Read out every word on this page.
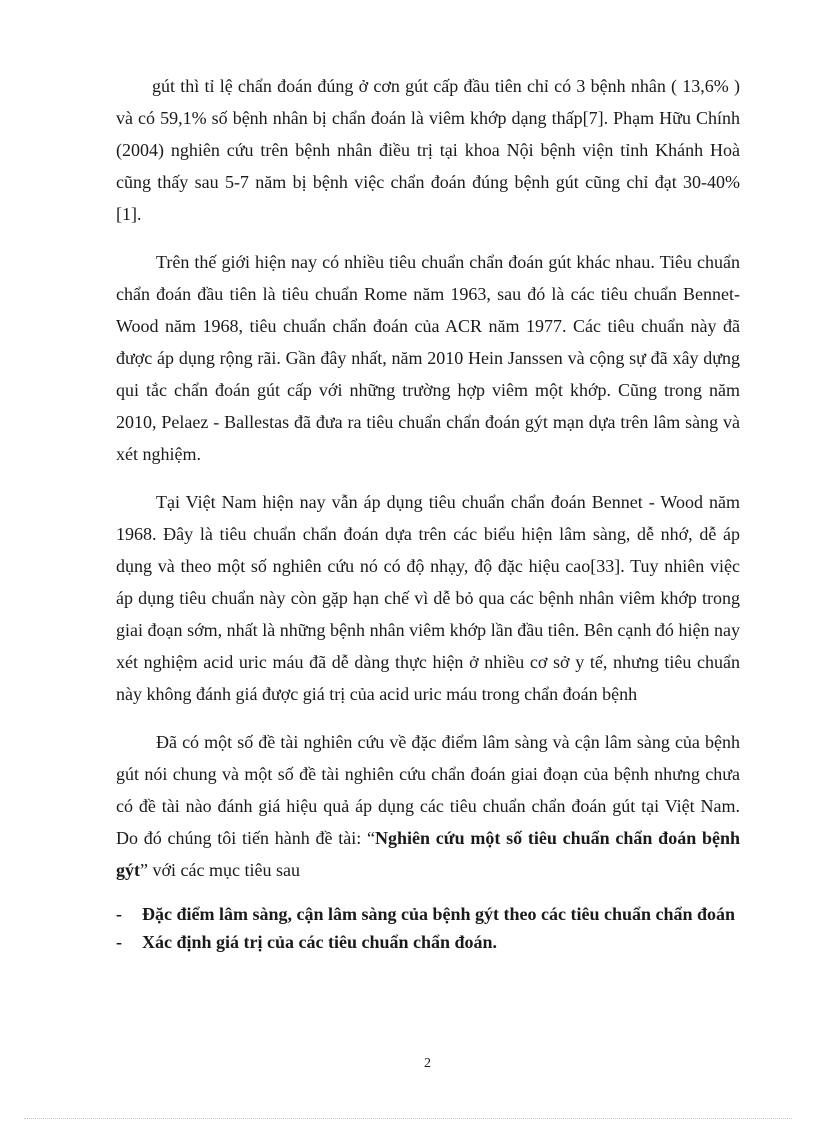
gút thì tỉ lệ chẩn đoán đúng ở cơn gút cấp đầu tiên chỉ có 3 bệnh nhân ( 13,6% ) và có 59,1% số bệnh nhân bị chẩn đoán là viêm khớp dạng thấp[7]. Phạm Hữu Chính (2004) nghiên cứu trên bệnh nhân điều trị tại khoa Nội bệnh viện tỉnh Khánh Hoà cũng thấy sau 5-7 năm bị bệnh việc chẩn đoán đúng bệnh gút cũng chỉ đạt 30-40% [1].

Trên thế giới hiện nay có nhiều tiêu chuẩn chẩn đoán gút khác nhau. Tiêu chuẩn chẩn đoán đầu tiên là tiêu chuẩn Rome năm 1963, sau đó là các tiêu chuẩn Bennet-Wood năm 1968, tiêu chuẩn chẩn đoán của ACR năm 1977. Các tiêu chuẩn này đã được áp dụng rộng rãi. Gần đây nhất, năm 2010 Hein Janssen và cộng sự đã xây dựng qui tắc chẩn đoán gút cấp với những trường hợp viêm một khớp. Cũng trong năm 2010, Pelaez - Ballestas đã đưa ra tiêu chuẩn chẩn đoán gýt mạn dựa trên lâm sàng và xét nghiệm.

Tại Việt Nam hiện nay vẫn áp dụng tiêu chuẩn chẩn đoán Bennet - Wood năm 1968. Đây là tiêu chuẩn chẩn đoán dựa trên các biểu hiện lâm sàng, dễ nhớ, dễ áp dụng và theo một số nghiên cứu nó có độ nhạy, độ đặc hiệu cao[33]. Tuy nhiên việc áp dụng tiêu chuẩn này còn gặp hạn chế vì dễ bỏ qua các bệnh nhân viêm khớp trong giai đoạn sớm, nhất là những bệnh nhân viêm khớp lần đầu tiên. Bên cạnh đó hiện nay xét nghiệm acid uric máu đã dễ dàng thực hiện ở nhiều cơ sở y tế, nhưng tiêu chuẩn này không đánh giá được giá trị của acid uric máu trong chẩn đoán bệnh

Đã có một số đề tài nghiên cứu về đặc điểm lâm sàng và cận lâm sàng của bệnh gút nói chung và một số đề tài nghiên cứu chẩn đoán giai đoạn của bệnh nhưng chưa có đề tài nào đánh giá hiệu quả áp dụng các tiêu chuẩn chẩn đoán gút tại Việt Nam. Do đó chúng tôi tiến hành đề tài: “Nghiên cứu một số tiêu chuẩn chẩn đoán bệnh gýt” với các mục tiêu sau

- Đặc điểm lâm sàng, cận lâm sàng của bệnh gýt theo các tiêu chuẩn chẩn đoán
- Xác định giá trị của các tiêu chuẩn chẩn đoán.
2
